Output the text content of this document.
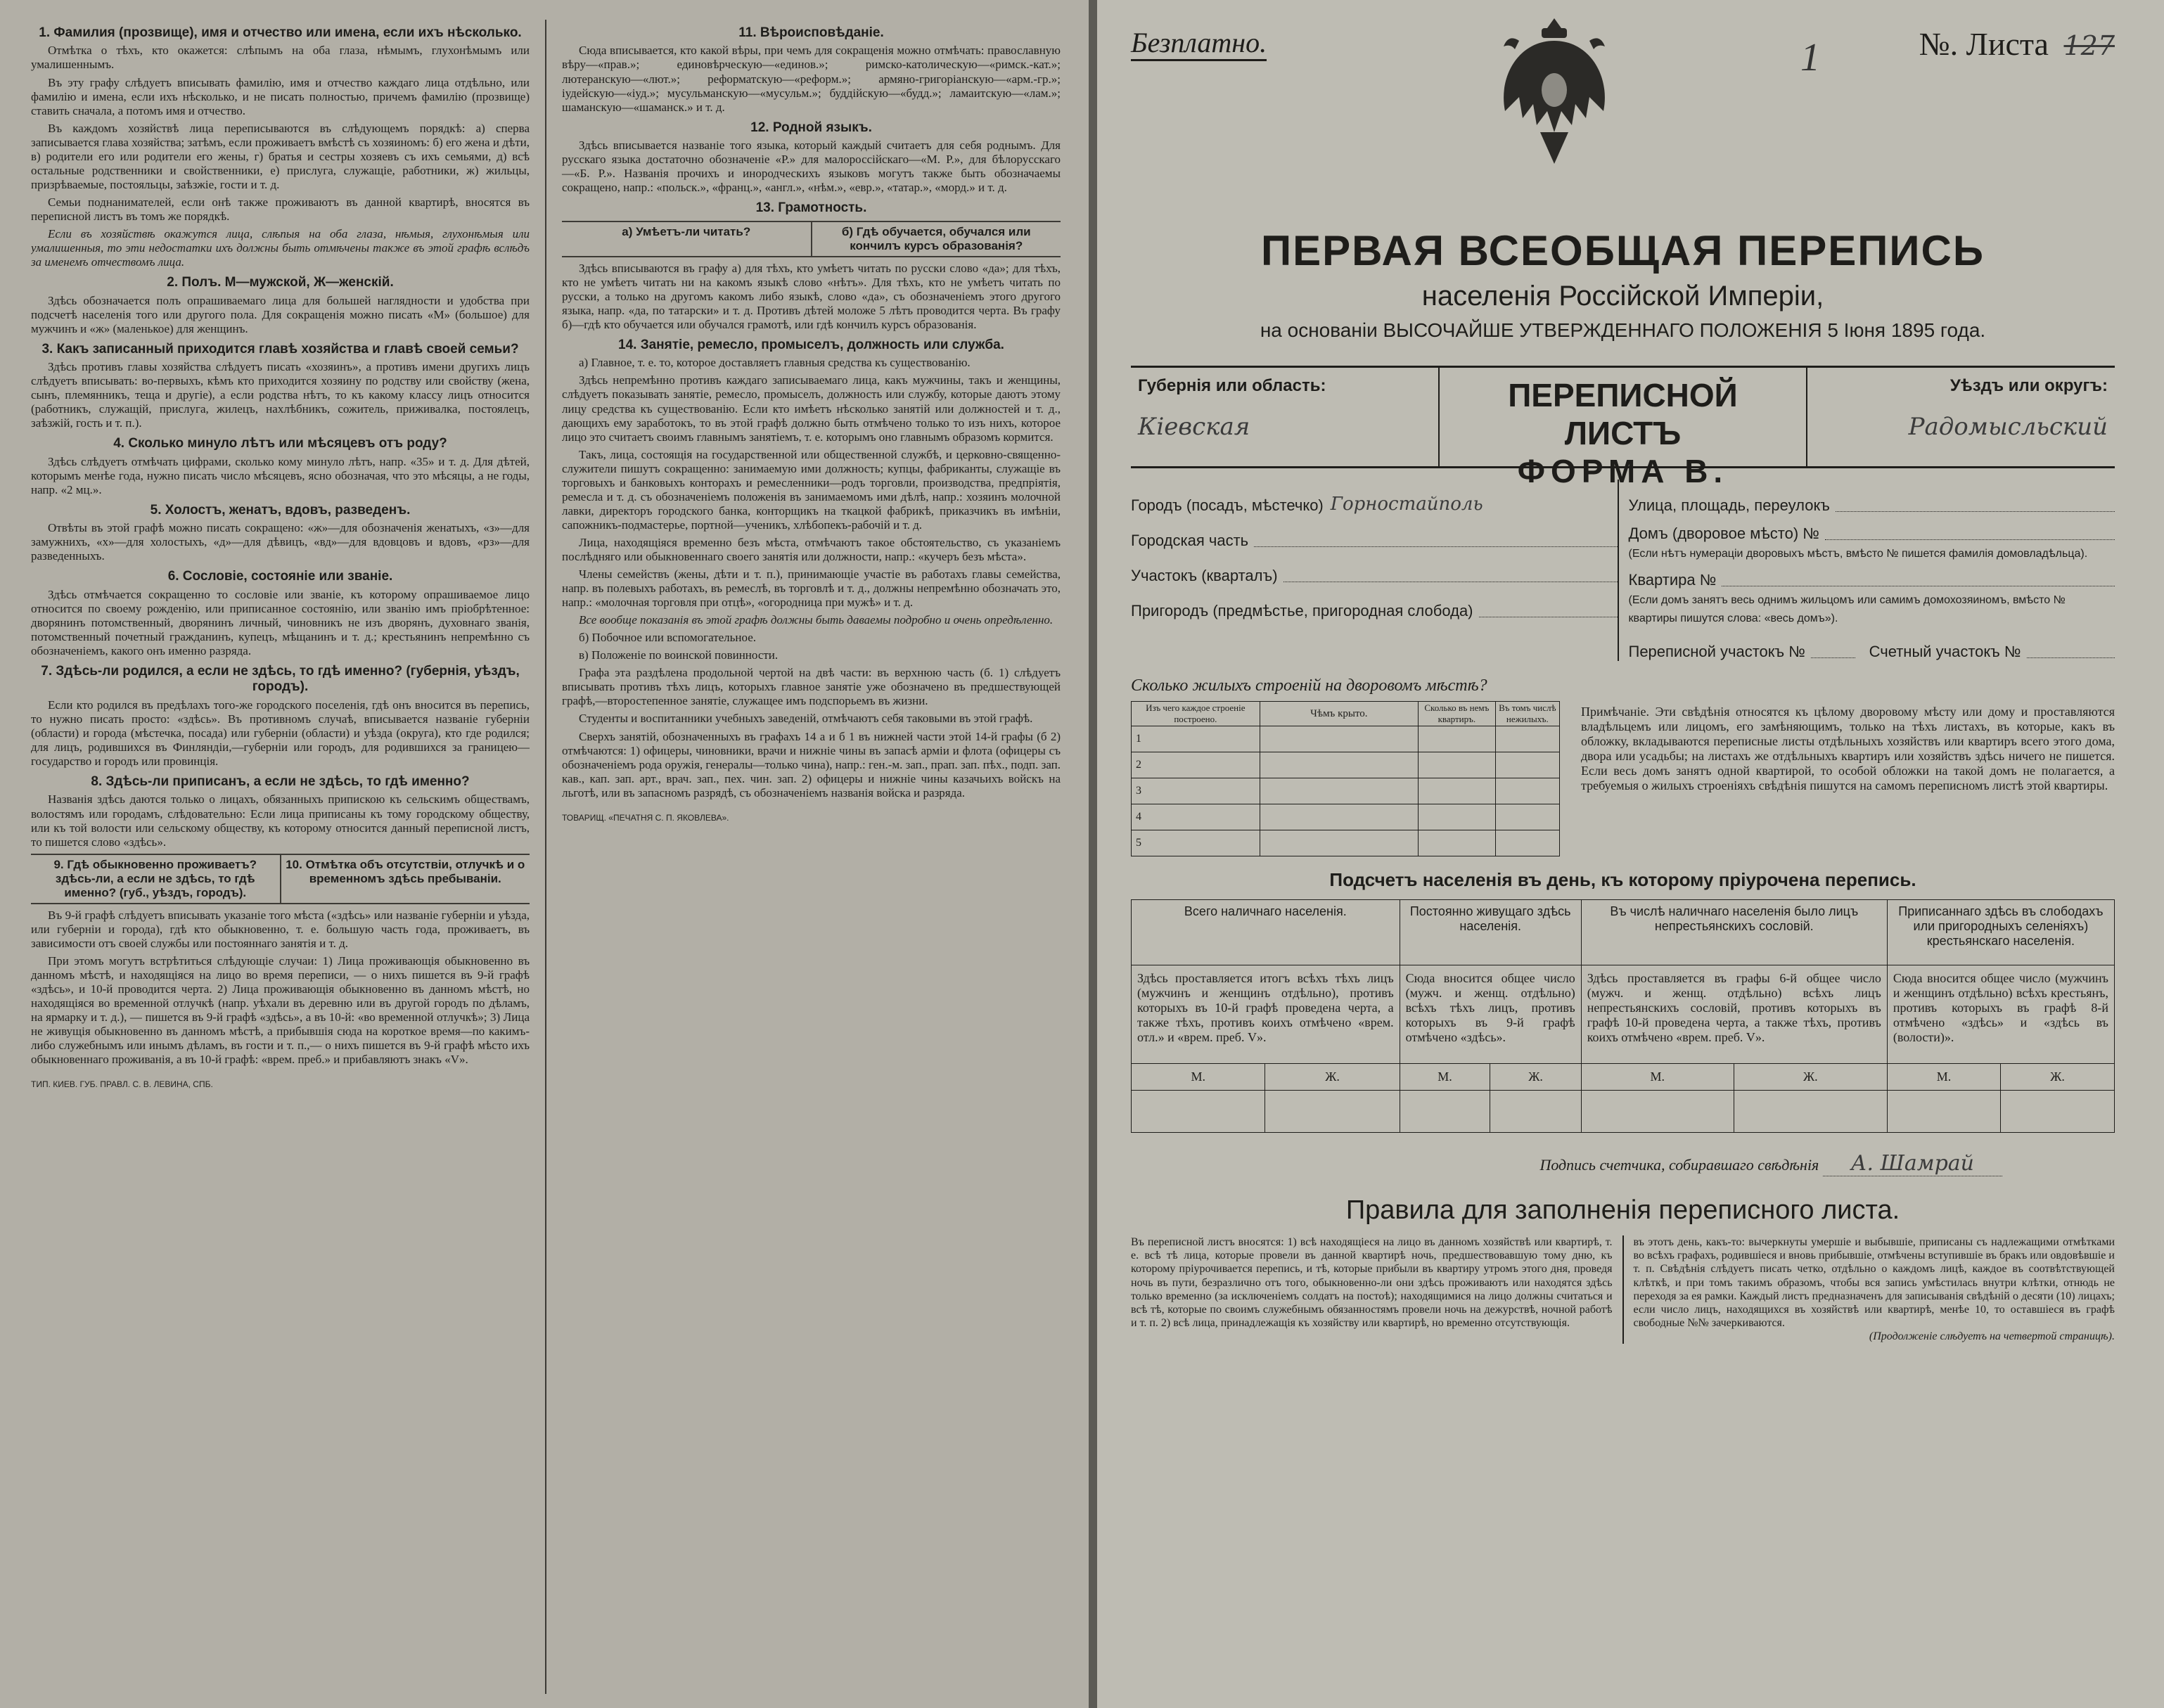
1. Фамилия (прозвище), имя и отчество или имена, если ихъ нѣсколько.

Отмѣтка о тѣхъ, кто окажется: слѣпымъ на оба глаза, нѣмымъ, глухонѣмымъ или умалишеннымъ.

Въ эту графу слѣдуетъ вписывать фамилію, имя и отчество каждаго лица отдѣльно, или фамилію и имена, если ихъ нѣсколько, и не писать полностью, причемъ фамилію (прозвище) ставить сначала, а потомъ имя и отчество.

Въ каждомъ хозяйствѣ лица переписываются въ слѣдующемъ порядкѣ: а) сперва записывается глава хозяйства; затѣмъ, если проживаетъ вмѣстѣ съ хозяиномъ: б) его жена и дѣти, в) родители его или родители его жены, г) братья и сестры хозяевъ съ ихъ семьями, д) всѣ остальные родственники и свойственники, е) прислуга, служащіе, работники, ж) жильцы, призрѣваемые, постояльцы, заѣзжіе, гости и т. д.

Семьи поднанимателей, если онѣ также проживаютъ въ данной квартирѣ, вносятся въ переписной листъ въ томъ же порядкѣ.

Если въ хозяйствѣ окажутся лица, слѣпыя на оба глаза, нѣмыя, глухонѣмыя или умалишенныя, то эти недостатки ихъ должны быть отмѣчены также въ этой графѣ вслѣдъ за именемъ отчествомъ лица.

2. Полъ. М—мужской, Ж—женскій.

Здѣсь обозначается полъ опрашиваемаго лица для большей наглядности и удобства при подсчетѣ населенія того или другого пола. Для сокращенія можно писать «М» (большое) для мужчинъ и «ж» (маленькое) для женщинъ.

3. Какъ записанный приходится главѣ хозяйства и главѣ своей семьи?

Здѣсь противъ главы хозяйства слѣдуетъ писать «хозяинъ», а противъ имени другихъ лицъ слѣдуетъ вписывать: во-первыхъ, кѣмъ кто приходится хозяину по родству или свойству (жена, сынъ, племянникъ, теща и другіе), а если родства нѣтъ, то къ какому классу лицъ относится (работникъ, служащій, прислуга, жилецъ, нахлѣбникъ, сожитель, приживалка, постоялецъ, заѣзжій, гость и т. п.).

4. Сколько минуло лѣтъ или мѣсяцевъ отъ роду?

Здѣсь слѣдуетъ отмѣчать цифрами, сколько кому минуло лѣтъ, напр. «35» и т. д. Для дѣтей, которымъ менѣе года, нужно писать число мѣсяцевъ, ясно обозначая, что это мѣсяцы, а не годы, напр. «2 мц.».

5. Холостъ, женатъ, вдовъ, разведенъ.

Отвѣты въ этой графѣ можно писать сокращено: «ж»—для обозначенія женатыхъ, «з»—для замужнихъ, «х»—для холостыхъ, «д»—для дѣвицъ, «вд»—для вдовцовъ и вдовъ, «рз»—для разведенныхъ.

6. Сословіе, состояніе или званіе.

Здѣсь отмѣчается сокращенно то сословіе или званіе, къ которому опрашиваемое лицо относится по своему рожденію, или приписанное состоянію, или званію имъ пріобрѣтенное: дворянинъ потомственный, дворянинъ личный, чиновникъ не изъ дворянъ, духовнаго званія, потомственный почетный гражданинъ, купецъ, мѣщанинъ и т. д.; крестьянинъ непремѣнно съ обозначеніемъ, какого онъ именно разряда.

7. Здѣсь-ли родился, а если не здѣсь, то гдѣ именно? (губернія, уѣздъ, городъ).

Если кто родился въ предѣлахъ того-же городского поселенія, гдѣ онъ вносится въ перепись, то нужно писать просто: «здѣсь». Въ противномъ случаѣ, вписывается названіе губерніи (области) и города (мѣстечка, посада) или губерніи (области) и уѣзда (округа), кто где родился; для лицъ, родившихся въ Финляндіи,—губерніи или городъ, для родившихся за границею—государство и городъ или провинція.

8. Здѣсь-ли приписанъ, а если не здѣсь, то гдѣ именно?

Названія здѣсь даются только о лицахъ, обязанныхъ припискою къ сельскимъ обществамъ, волостямъ или городамъ, слѣдовательно: Если лица приписаны къ тому городскому обществу, или къ той волости или сельскому обществу, къ которому относится данный переписной листъ, то пишется слово «здѣсь».

9. Гдѣ обыкновенно проживаетъ? здѣсь-ли, а если не здѣсь, то гдѣ именно? (губ., уѣздъ, городъ).
10. Отмѣтка объ отсутствіи, отлучкѣ и о временномъ здѣсь пребываніи.

Въ 9-й графѣ слѣдуетъ вписывать указаніе того мѣста («здѣсь» или названіе губерніи и уѣзда, или губерніи и города), гдѣ кто обыкновенно, т. е. большую часть года, проживаетъ, въ зависимости отъ своей службы или постояннаго занятія и т. д.

При этомъ могутъ встрѣтиться слѣдующіе случаи: 1) Лица проживающія обыкновенно въ данномъ мѣстѣ, и находящіяся на лицо во время переписи, — о нихъ пишется въ 9-й графѣ «здѣсь», и 10-й проводится черта. 2) Лица проживающія обыкновенно въ данномъ мѣстѣ, но находящіяся во временной отлучкѣ (напр. уѣхали въ деревню или въ другой городъ по дѣламъ, на ярмарку и т. д.), — пишется въ 9-й графѣ «здѣсь», а въ 10-й: «во временной отлучкѣ»; 3) Лица не живущія обыкновенно въ данномъ мѣстѣ, а прибывшія сюда на короткое время—по какимъ-либо служебнымъ или инымъ дѣламъ, въ гости и т. п.,— о нихъ пишется въ 9-й графѣ мѣсто ихъ обыкновеннаго проживанія, а въ 10-й графѣ: «врем. преб.» и прибавляютъ знакъ «V».

ТИП. КИЕВ. ГУБ. ПРАВЛ. С. В. ЛЕВИНА, СПБ.

11. Вѣроисповѣданіе.

Сюда вписывается, кто какой вѣры, при чемъ для сокращенія можно отмѣчать: православную вѣру—«прав.»; единовѣрческую—«единов.»; римско-католическую—«римск.-кат.»; лютеранскую—«лют.»; реформатскую—«реформ.»; армяно-григоріанскую—«арм.-гр.»; іудейскую—«іуд.»; мусульманскую—«мусульм.»; буддійскую—«будд.»; ламаитскую—«лам.»; шаманскую—«шаманск.» и т. д.

12. Родной языкъ.

Здѣсь вписывается названіе того языка, который каждый считаетъ для себя роднымъ. Для русскаго языка достаточно обозначеніе «Р.» для малороссійскаго—«М. Р.», для бѣлорусскаго—«Б. Р.». Названія прочихъ и инородческихъ языковъ могутъ также быть обозначаемы сокращено, напр.: «польск.», «франц.», «англ.», «нѣм.», «евр.», «татар.», «морд.» и т. д.

13. Грамотность.
а) Умѣетъ-ли читать?	б) Гдѣ обучается, обучался или кончилъ курсъ образованія?

Здѣсь вписываются въ графу а) для тѣхъ, кто умѣетъ читать по русски слово «да»; для тѣхъ, кто не умѣетъ читать ни на какомъ языкѣ слово «нѣтъ». Для тѣхъ, кто не умѣетъ читать по русски, а только на другомъ какомъ либо языкѣ, слово «да», съ обозначеніемъ этого другого языка, напр. «да, по татарски» и т. д. Противъ дѣтей моложе 5 лѣтъ проводится черта. Въ графу б)—гдѣ кто обучается или обучался грамотѣ, или гдѣ кончилъ курсъ образованія.

14. Занятіе, ремесло, промыселъ, должность или служба.

а) Главное, т. е. то, которое доставляетъ главныя средства къ существованію.

Здѣсь непремѣнно противъ каждаго записываемаго лица, какъ мужчины, такъ и женщины, слѣдуетъ показывать занятіе, ремесло, промыселъ, должность или службу, которые даютъ этому лицу средства къ существованію. Если кто имѣетъ нѣсколько занятій или должностей и т. д., дающихъ ему заработокъ, то въ этой графѣ должно быть отмѣчено только то изъ нихъ, которое лицо это считаетъ своимъ главнымъ занятіемъ, т. е. которымъ оно главнымъ образомъ кормится.

Такъ, лица, состоящія на государственной или общественной службѣ, и церковно-священно-служители пишутъ сокращенно: занимаемую ими должность; купцы, фабриканты, служащіе въ торговыхъ и банковыхъ конторахъ и ремесленники—родъ торговли, производства, предпріятія, ремесла и т. д. съ обозначеніемъ положенія въ занимаемомъ ими дѣлѣ, напр.: хозяинъ молочной лавки, директоръ городского банка, конторщикъ на ткацкой фабрикѣ, приказчикъ въ имѣніи, сапожникъ-подмастерье, портной—ученикъ, хлѣбопекъ-рабочій и т. д.

Лица, находящіяся временно безъ мѣста, отмѣчаютъ такое обстоятельство, съ указаніемъ послѣдняго или обыкновеннаго своего занятія или должности, напр.: «кучеръ безъ мѣста».

Члены семействъ (жены, дѣти и т. п.), принимающіе участіе въ работахъ главы семейства, напр. въ полевыхъ работахъ, въ ремеслѣ, въ торговлѣ и т. д., должны непремѣнно обозначать это, напр.: «молочная торговля при отцѣ», «огородница при мужѣ» и т. д.

Все вообще показанія въ этой графѣ должны быть даваемы подробно и очень опредѣленно.

б) Побочное или вспомогательное.

в) Положеніе по воинской повинности.

Графа эта раздѣлена продольной чертой на двѣ части: въ верхнюю часть (б. 1) слѣдуетъ вписывать противъ тѣхъ лицъ, которыхъ главное занятіе уже обозначено въ предшествующей графѣ,—второстепенное занятіе, служащее имъ подспорьемъ въ жизни.

Студенты и воспитанники учебныхъ заведеній, отмѣчаютъ себя таковыми въ этой графѣ.

Сверхъ занятій, обозначенныхъ въ графахъ 14 а и б 1 въ нижней части этой 14-й графы (б 2) отмѣчаются: 1) офицеры, чиновники, врачи и нижніе чины въ запасѣ арміи и флота (офицеры съ обозначеніемъ рода оружія, генералы—только чина), напр.: ген.-м. зап., прап. зап. пѣх., подп. зап. кав., кап. зап. арт., врач. зап., пех. чин. зап. 2) офицеры и нижніе чины казачьихъ войскъ на льготѣ, или въ запасномъ разрядѣ, съ обозначеніемъ названія войска и разряда.

ТОВАРИЩ. «ПЕЧАТНЯ С. П. ЯКОВЛЕВА».

Безплатно.	№. Листа 127
1
ПЕРВАЯ ВСЕОБЩАЯ ПЕРЕПИСЬ
населенія Россійской Имперіи,
на основаніи ВЫСОЧАЙШЕ УТВЕРЖДЕННАГО ПОЛОЖЕНІЯ 5 Іюня 1895 года.
Губернія или область:
Кіевская
ПЕРЕПИСНОЙ ЛИСТЪ
ФОРМА В.
Уѣздъ или округъ:
Радомысльский
Городъ (посадъ, мѣстечко) Горностайполь
Городская часть
Участокъ (кварталъ)
Пригородъ (предмѣстье, пригородная слобода)
Улица, площадь, переулокъ
Домъ (дворовое мѣсто) №
(Если нѣтъ нумераціи дворовыхъ мѣстъ, вмѣсто № пишется фамилія домовладѣльца).
Квартира №
(Если домъ занятъ весь однимъ жильцомъ или самимъ домохозяиномъ, вмѣсто № квартиры пишутся слова: «весь домъ»).
Переписной участокъ №	Счетный участокъ №
Сколько жилыхъ строеній на дворовомъ мѣстѣ?
Изъ чего каждое строеніе построено.	Чѣмъ крыто.	Сколько въ немъ квартиръ.	Въ томъ числѣ нежилыхъ.
1			
2			
3			
4			
5			
Примѣчаніе. Эти свѣдѣнія относятся къ цѣлому дворовому мѣсту или дому и проставляются владѣльцемъ или лицомъ, его замѣняющимъ, только на тѣхъ листахъ, въ которые, какъ въ обложку, вкладываются переписные листы отдѣльныхъ хозяйствъ или квартиръ всего этого дома, двора или усадьбы; на листахъ же отдѣльныхъ квартиръ или хозяйствъ здѣсь ничего не пишется. Если весь домъ занятъ одной квартирой, то особой обложки на такой домъ не полагается, а требуемыя о жилыхъ строеніяхъ свѣдѣнія пишутся на самомъ переписномъ листѣ этой квартиры.
Подсчетъ населенія въ день, къ которому пріурочена перепись.
Всего наличнаго населенія.		Постоянно живущаго здѣсь населенія.		Въ числѣ наличнаго населенія было лицъ непрестьянскихъ сословій.		Приписаннаго здѣсь въ слободахъ или пригородныхъ селеніяхъ) крестьянскаго населенія.	
Здѣсь проставляется итогъ всѣхъ тѣхъ лицъ (мужчинъ и женщинъ отдѣльно), противъ которыхъ въ 10-й графѣ проведена черта, а также тѣхъ, противъ коихъ отмѣчено «врем. отл.» и «врем. преб. V».		Сюда вносится общее число (мужч. и женщ. отдѣльно) всѣхъ тѣхъ лицъ, противъ которыхъ въ 9-й графѣ отмѣчено «здѣсь».		Здѣсь проставляется въ графы 6-й общее число (мужч. и женщ. отдѣльно) всѣхъ лицъ непрестьянскихъ сословій, противъ которыхъ въ графѣ 10-й проведена черта, а также тѣхъ, противъ коихъ отмѣчено «врем. преб. V».		Сюда вносится общее число (мужчинъ и женщинъ отдѣльно) всѣхъ крестьянъ, противъ которыхъ въ графѣ 8-й отмѣчено «здѣсь» и «здѣсь въ (волости)».	
М.	Ж.	М.	Ж.	М.	Ж.	М.	Ж.

Подпись счетчика, собиравшаго свѣдѣнія А. Шамрай
Правила для заполненія переписного листа.
Въ переписной листъ вносятся: 1) всѣ находящіеся на лицо въ данномъ хозяйствѣ или квартирѣ, т. е. всѣ тѣ лица, которые провели въ данной квартирѣ ночь, предшествовавшую тому дню, къ которому пріурочивается перепись, и тѣ, которые прибыли въ квартиру утромъ этого дня, проведя ночь въ пути, безразлично отъ того, обыкновенно-ли они здѣсь проживаютъ или находятся здѣсь только временно (за исключеніемъ солдатъ на постоѣ); находящимися на лицо должны считаться и всѣ тѣ, которые по своимъ служебнымъ обязанностямъ провели ночь на дежурствѣ, ночной работѣ и т. п. 2) всѣ лица, принадлежащія къ хозяйству или квартирѣ, но временно отсутствующія.
въ этотъ день, какъ-то: вычеркнуты умершіе и выбывшіе, приписаны съ надлежащими отмѣтками во всѣхъ графахъ, родившіеся и вновь прибывшіе, отмѣчены вступившіе въ бракъ или овдовѣвшіе и т. п. Свѣдѣнія слѣдуетъ писать четко, отдѣльно о каждомъ лицѣ, каждое въ соотвѣтствующей клѣткѣ, и при томъ такимъ образомъ, чтобы вся запись умѣстилась внутри клѣтки, отнюдь не переходя за ея рамки. Каждый листъ предназначенъ для записыванія свѣдѣній о десяти (10) лицахъ; если число лицъ, находящихся въ хозяйствѣ или квартирѣ, менѣе 10, то оставшіеся въ графѣ свободные №№ зачеркиваются.
(Продолженіе слѣдуетъ на четвертой страницѣ).
